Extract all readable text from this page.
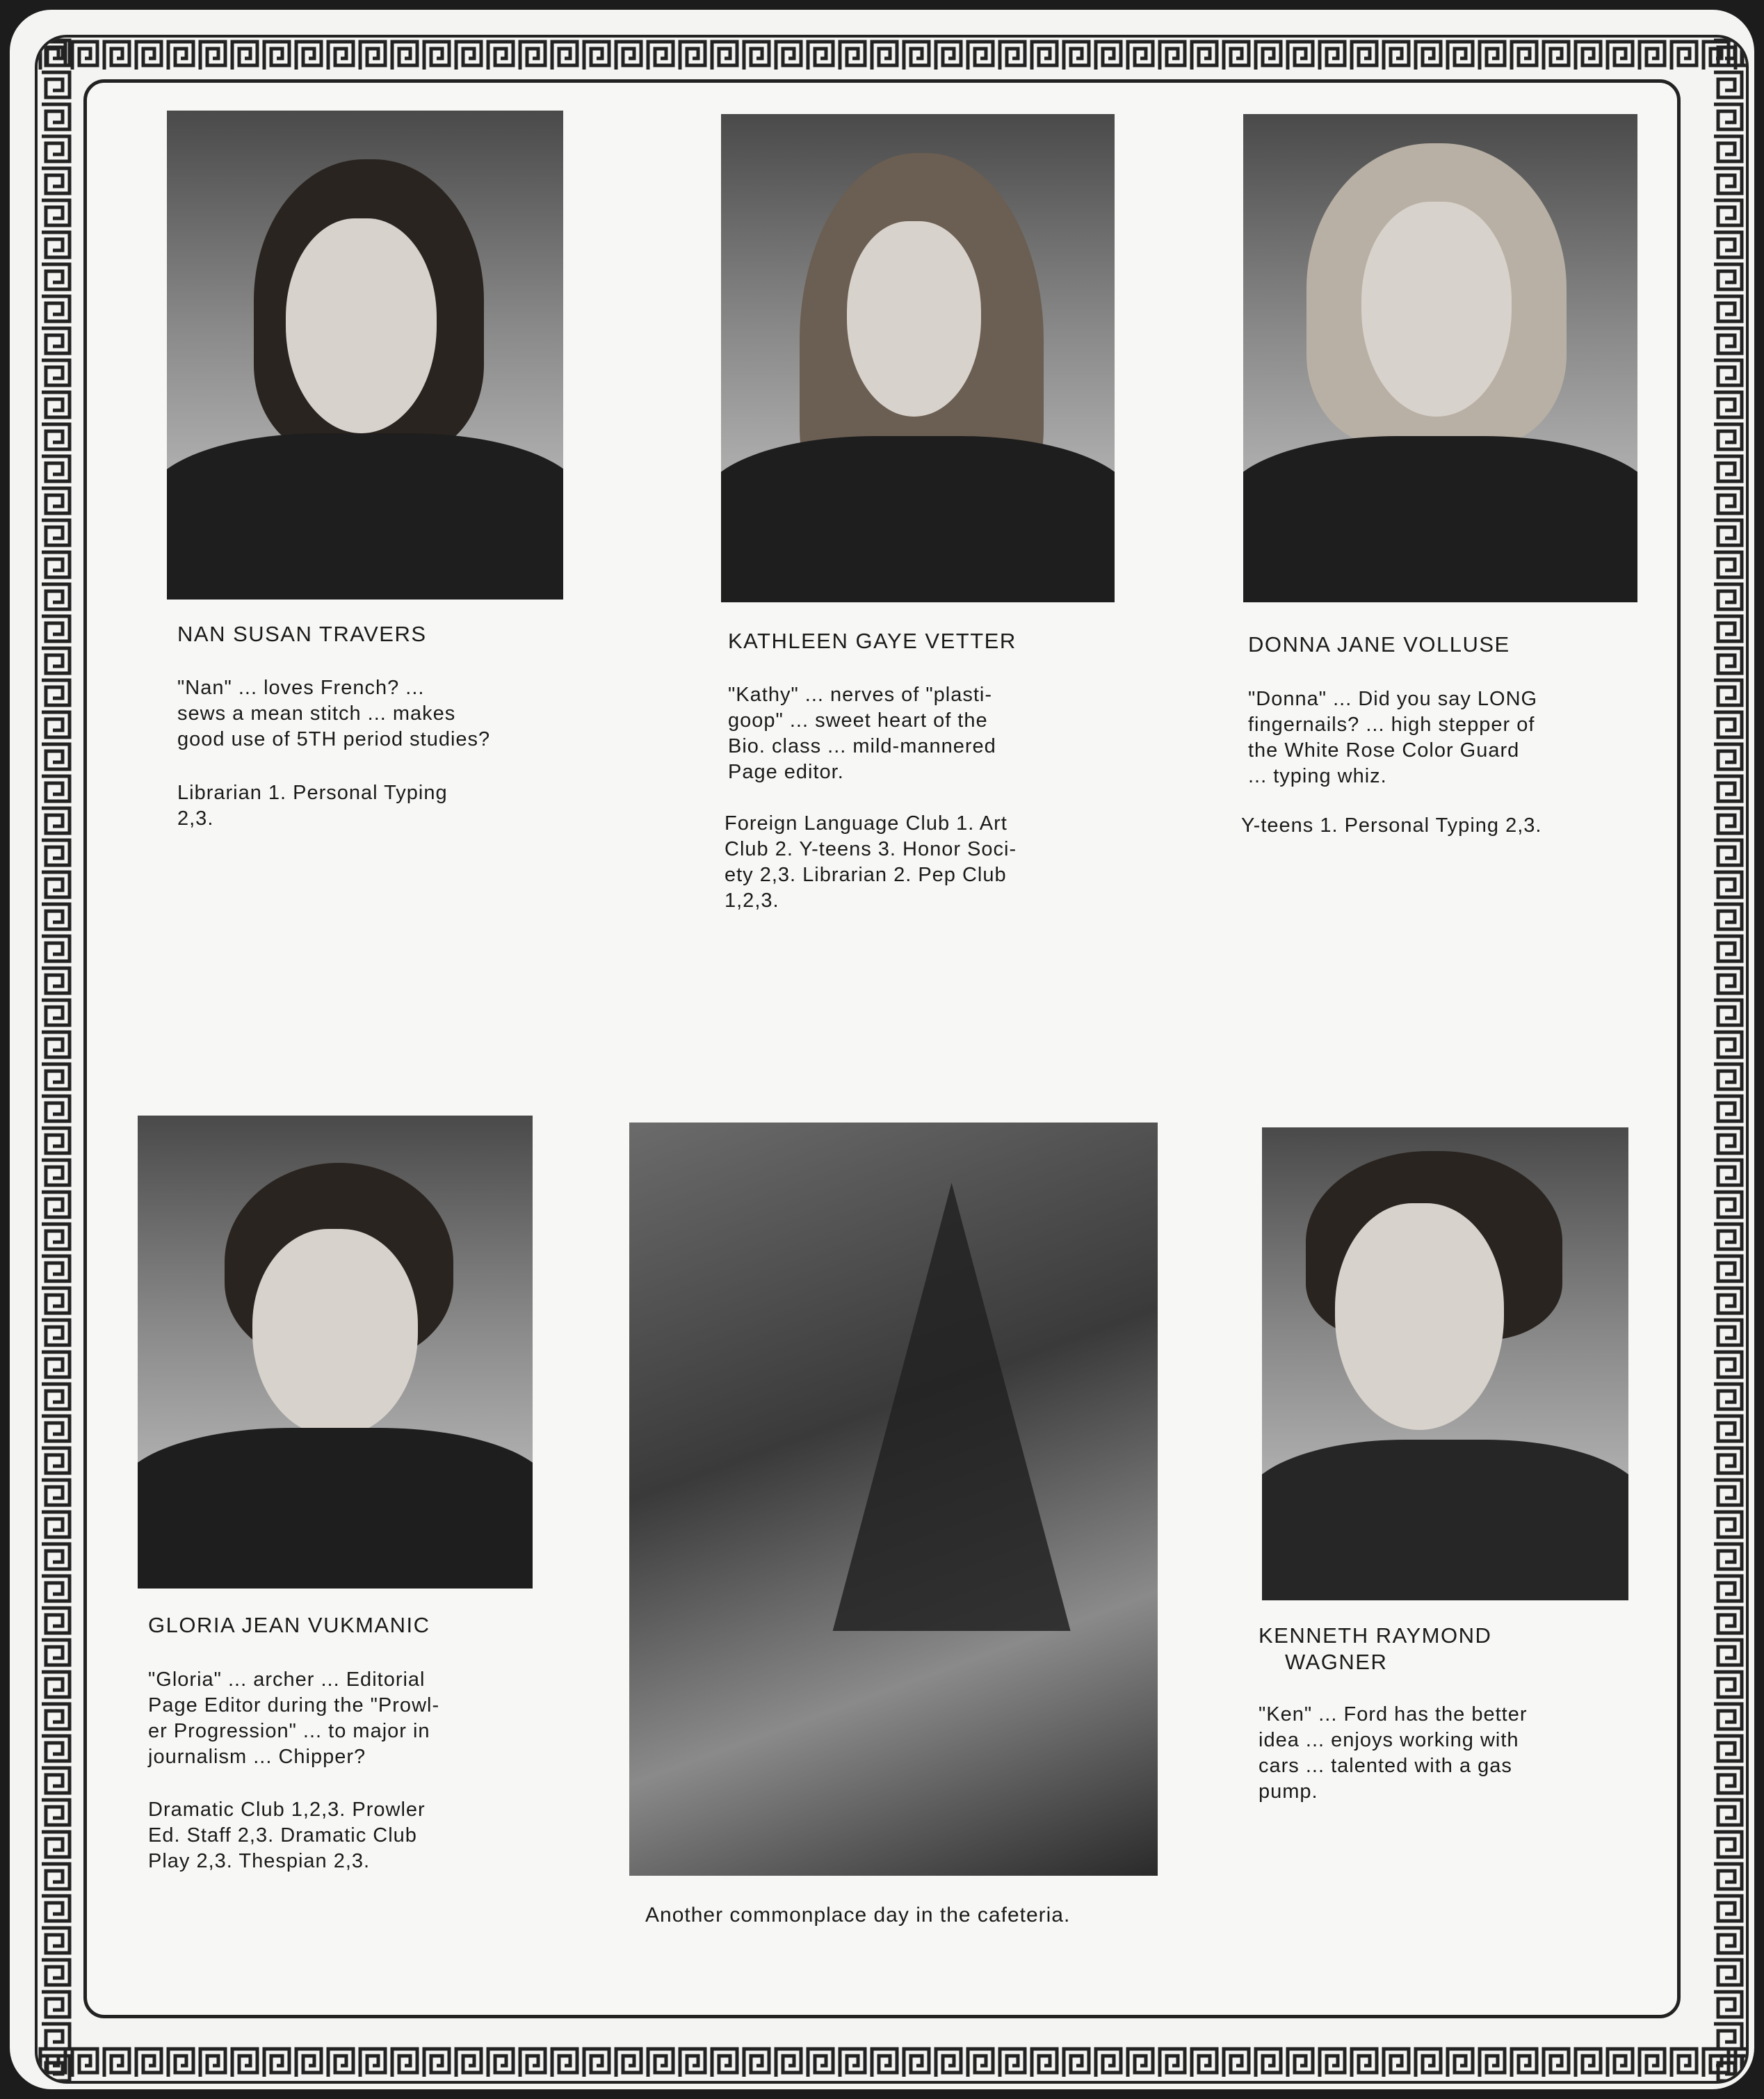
NAN SUSAN TRAVERS
"Nan" ... loves French? ...
sews a mean stitch ... makes
good use of 5TH period studies?
Librarian 1. Personal Typing
2,3.
KATHLEEN GAYE VETTER
"Kathy" ... nerves of "plasti-
goop" ... sweet heart of the
Bio. class ... mild-mannered
Page editor.
Foreign Language Club 1. Art
Club 2. Y-teens 3. Honor Soci-
ety 2,3. Librarian 2. Pep Club
1,2,3.
DONNA JANE VOLLUSE
"Donna" ... Did you say LONG
fingernails? ... high stepper of
the White Rose Color Guard
... typing whiz.
Y-teens 1. Personal Typing 2,3.
GLORIA JEAN VUKMANIC
"Gloria" ... archer ... Editorial
Page Editor during the "Prowl-
er Progression" ... to major in
journalism ... Chipper?
Dramatic Club 1,2,3. Prowler
Ed. Staff 2,3. Dramatic Club
Play 2,3. Thespian 2,3.
KENNETH RAYMOND
WAGNER
"Ken" ... Ford has the better
idea ... enjoys working with
cars ... talented with a gas
pump.
Another commonplace day in the cafeteria.
